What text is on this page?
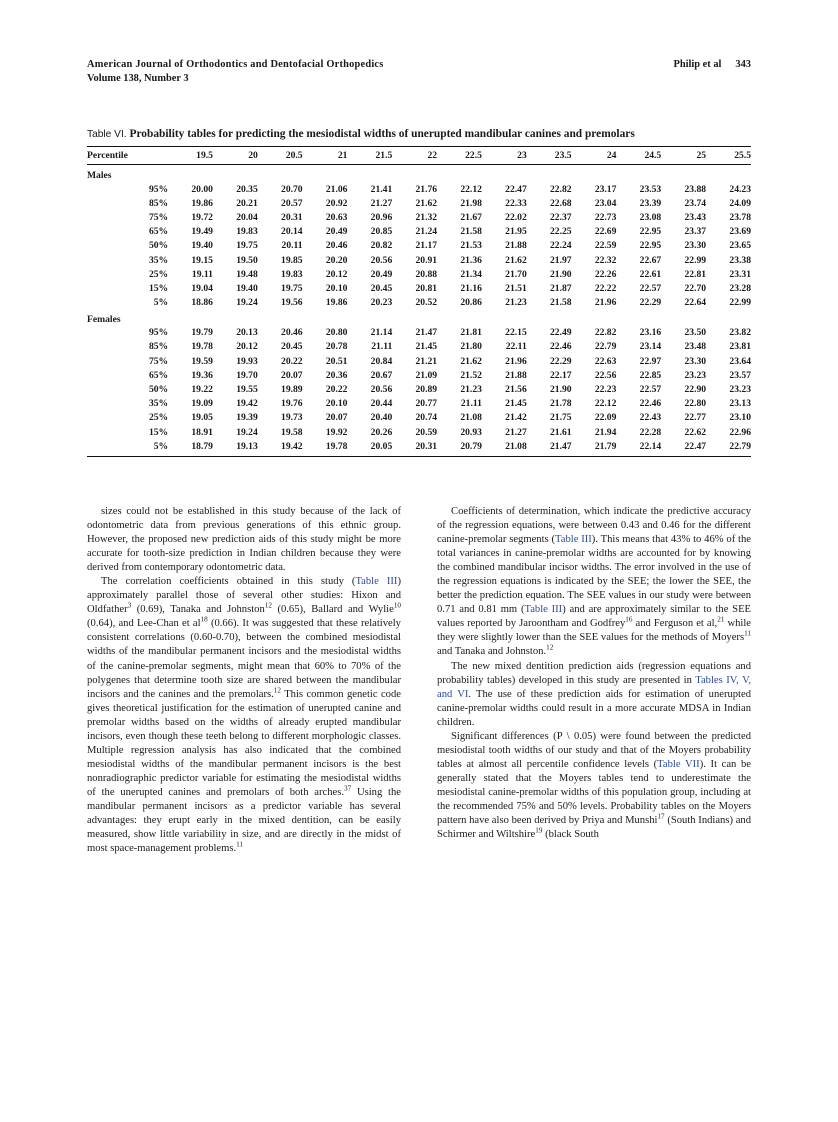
American Journal of Orthodontics and Dentofacial Orthopedics
Volume 138, Number 3
Philip et al 343
Table VI. Probability tables for predicting the mesiodistal widths of unerupted mandibular canines and premolars
Percentile	19.5	20	20.5	21	21.5	22	22.5	23	23.5	24	24.5	25	25.5
Males													
95%	20.00	20.35	20.70	21.06	21.41	21.76	22.12	22.47	22.82	23.17	23.53	23.88	24.23
85%	19.86	20.21	20.57	20.92	21.27	21.62	21.98	22.33	22.68	23.04	23.39	23.74	24.09
75%	19.72	20.04	20.31	20.63	20.96	21.32	21.67	22.02	22.37	22.73	23.08	23.43	23.78
65%	19.49	19.83	20.14	20.49	20.85	21.24	21.58	21.95	22.25	22.69	22.95	23.37	23.69
50%	19.40	19.75	20.11	20.46	20.82	21.17	21.53	21.88	22.24	22.59	22.95	23.30	23.65
35%	19.15	19.50	19.85	20.20	20.56	20.91	21.36	21.62	21.97	22.32	22.67	22.99	23.38
25%	19.11	19.48	19.83	20.12	20.49	20.88	21.34	21.70	21.90	22.26	22.61	22.81	23.31
15%	19.04	19.40	19.75	20.10	20.45	20.81	21.16	21.51	21.87	22.22	22.57	22.70	23.28
5%	18.86	19.24	19.56	19.86	20.23	20.52	20.86	21.23	21.58	21.96	22.29	22.64	22.99
Females													
95%	19.79	20.13	20.46	20.80	21.14	21.47	21.81	22.15	22.49	22.82	23.16	23.50	23.82
85%	19.78	20.12	20.45	20.78	21.11	21.45	21.80	22.11	22.46	22.79	23.14	23.48	23.81
75%	19.59	19.93	20.22	20.51	20.84	21.21	21.62	21.96	22.29	22.63	22.97	23.30	23.64
65%	19.36	19.70	20.07	20.36	20.67	21.09	21.52	21.88	22.17	22.56	22.85	23.23	23.57
50%	19.22	19.55	19.89	20.22	20.56	20.89	21.23	21.56	21.90	22.23	22.57	22.90	23.23
35%	19.09	19.42	19.76	20.10	20.44	20.77	21.11	21.45	21.78	22.12	22.46	22.80	23.13
25%	19.05	19.39	19.73	20.07	20.40	20.74	21.08	21.42	21.75	22.09	22.43	22.77	23.10
15%	18.91	19.24	19.58	19.92	20.26	20.59	20.93	21.27	21.61	21.94	22.28	22.62	22.96
5%	18.79	19.13	19.42	19.78	20.05	20.31	20.79	21.08	21.47	21.79	22.14	22.47	22.79

sizes could not be established in this study because of the lack of odontometric data from previous generations of this ethnic group. However, the proposed new prediction aids of this study might be more accurate for tooth-size prediction in Indian children because they were derived from contemporary odontometric data.

The correlation coefficients obtained in this study (Table III) approximately parallel those of several other studies: Hixon and Oldfather$^3$ (0.69), Tanaka and Johnston$^{12}$ (0.65), Ballard and Wylie$^{10}$ (0.64), and Lee-Chan et $al^{18}$ (0.66). It was suggested that these relatively consistent correlations (0.60-0.70), between the combined mesiodistal widths of the mandibular permanent incisors and the mesiodistal widths of the canine-premolar segments, might mean that 60% to 70% of the polygenes that determine tooth size are shared between the mandibular incisors and the canines and the premolars.$^{12}$ This common genetic code gives theoretical justification for the estimation of unerupted canine and premolar widths based on the widths of already erupted mandibular incisors, even though these teeth belong to different morphologic classes. Multiple regression analysis has also indicated that the combined mesiodistal widths of the mandibular permanent incisors is the best nonradiographic predictor variable for estimating the mesiodistal widths of the unerupted canines and premolars of both arches.$^{37}$ Using the mandibular permanent incisors as a predictor variable has several advantages: they erupt early in the mixed dentition, can be easily measured, show little variability in size, and are directly in the midst of most space-management problems.$^{11}$

Coefficients of determination, which indicate the predictive accuracy of the regression equations, were between 0.43 and 0.46 for the different canine-premolar segments (Table III). This means that 43% to 46% of the total variances in canine-premolar widths are accounted for by knowing the combined mandibular incisor widths. The error involved in the use of the regression equations is indicated by the SEE; the lower the SEE, the better the prediction equation. The SEE values in our study were between 0.71 and 0.81 mm (Table III) and are approximately similar to the SEE values reported by Jaroontham and Godfrey$^{16}$ and Ferguson et al,$^{21}$ while they were slightly lower than the SEE values for the methods of Moyers$^{11}$ and Tanaka and Johnston.$^{12}$

The new mixed dentition prediction aids (regression equations and probability tables) developed in this study are presented in Tables IV, V, and VI. The use of these prediction aids for estimation of unerupted canine-premolar widths could result in a more accurate MDSA in Indian children.

Significant differences (P \ 0.05) were found between the predicted mesiodistal tooth widths of our study and that of the Moyers probability tables at almost all percentile confidence levels (Table VII). It can be generally stated that the Moyers tables tend to underestimate the mesiodistal canine-premolar widths of this population group, including at the recommended 75% and 50% levels. Probability tables on the Moyers pattern have also been derived by Priya and Munshi$^{17}$ (South Indians) and Schirmer and Wiltshire$^{19}$ (black South
